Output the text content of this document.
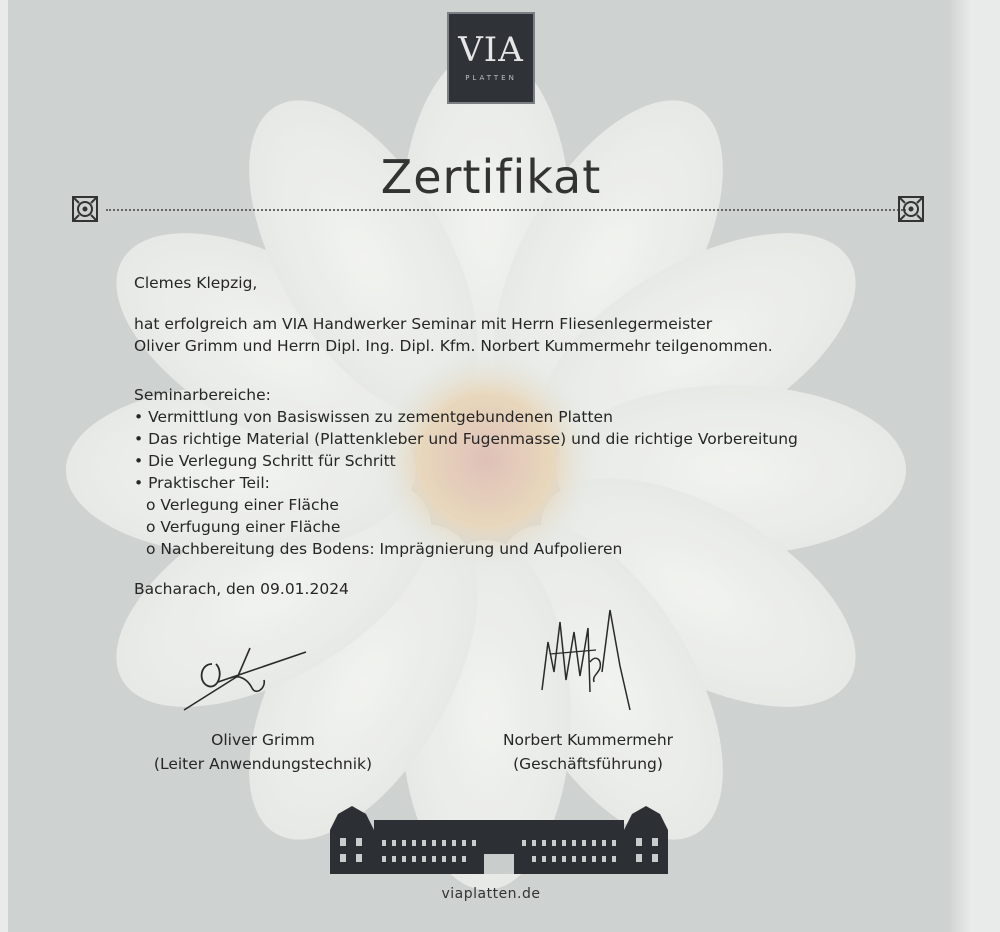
VIA
PLATTEN
Zertifikat
Clemes Klepzig,
hat erfolgreich am VIA Handwerker Seminar mit Herrn Fliesenlegermeister
Oliver Grimm und Herrn Dipl. Ing. Dipl. Kfm. Norbert Kummermehr teilgenommen.
Seminarbereiche:
• Vermittlung von Basiswissen zu zementgebundenen Platten
• Das richtige Material (Plattenkleber und Fugenmasse) und die richtige Vorbereitung
• Die Verlegung Schritt für Schritt
• Praktischer Teil:
o Verlegung einer Fläche
o Verfugung einer Fläche
o Nachbereitung des Bodens: Imprägnierung und Aufpolieren
Bacharach, den 09.01.2024
Oliver Grimm
(Leiter Anwendungstechnik)
Norbert Kummermehr
(Geschäftsführung)
viaplatten.de
